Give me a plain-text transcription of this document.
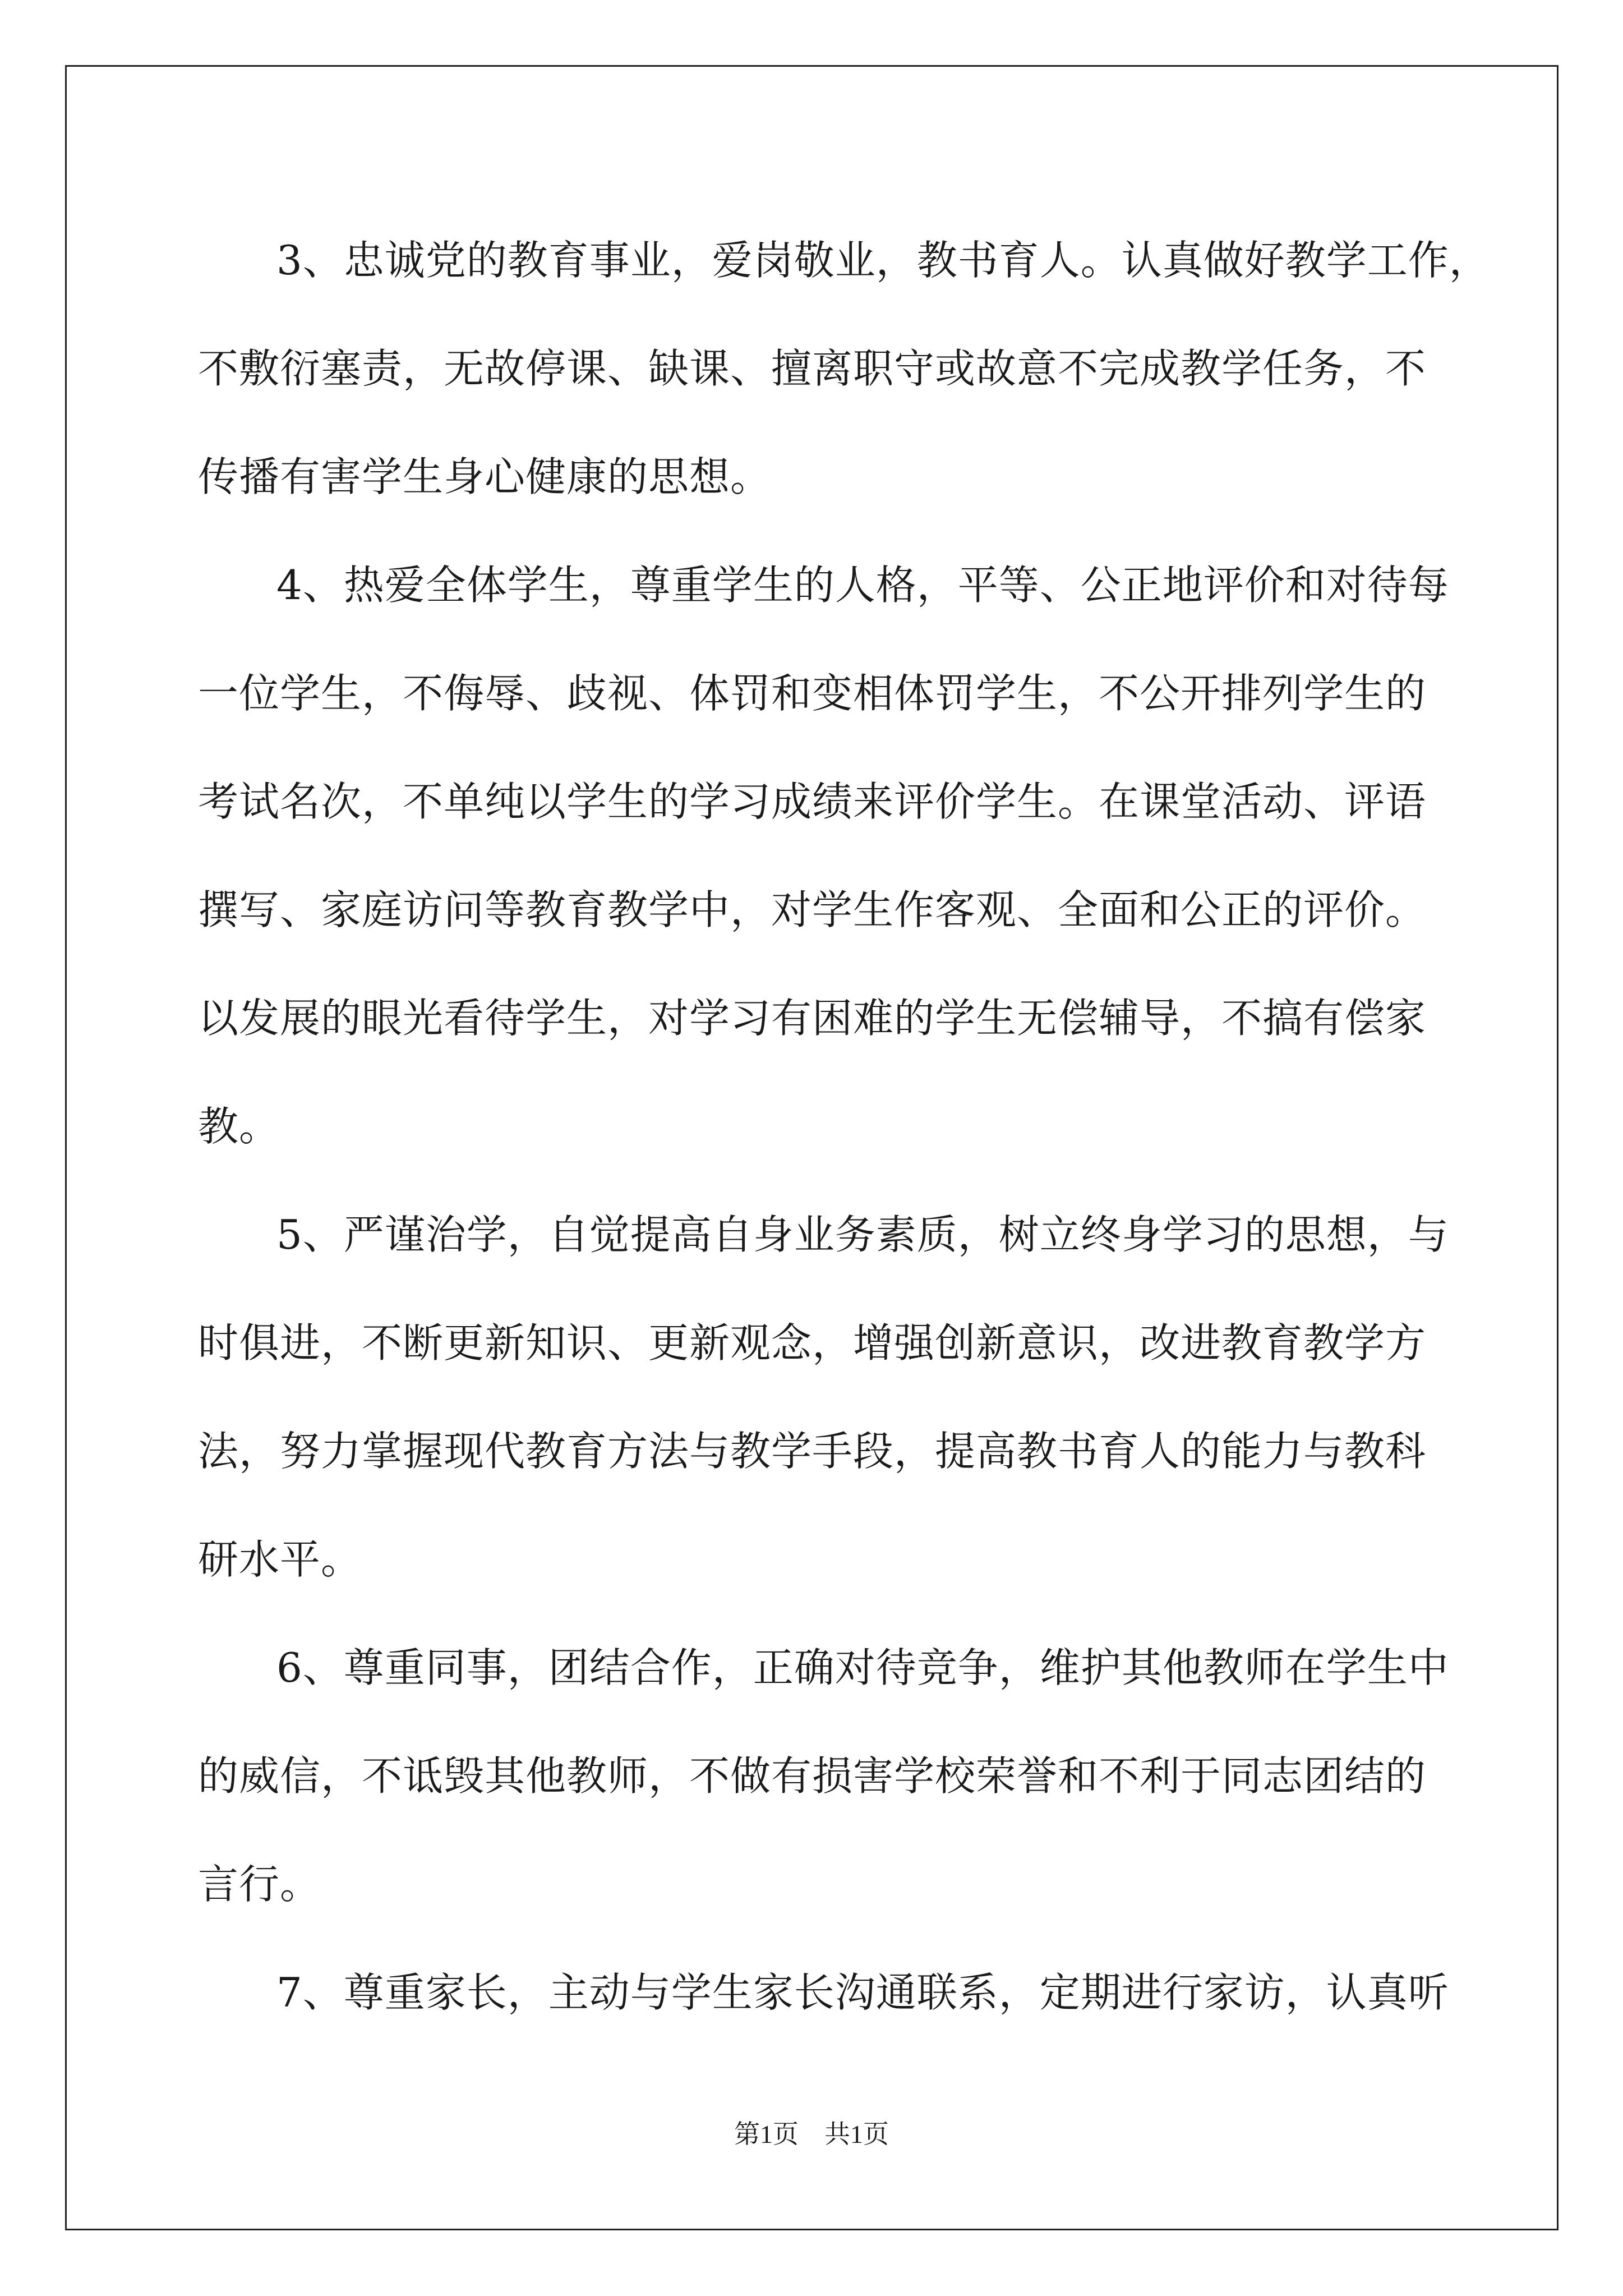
3、忠诚党的教育事业，爱岗敬业，教书育人。认真做好教学工作，
不敷衍塞责，无故停课、缺课、擅离职守或故意不完成教学任务，不
传播有害学生身心健康的思想。

4、热爱全体学生，尊重学生的人格，平等、公正地评价和对待每
一位学生，不侮辱、歧视、体罚和变相体罚学生，不公开排列学生的
考试名次，不单纯以学生的学习成绩来评价学生。在课堂活动、评语
撰写、家庭访问等教育教学中，对学生作客观、全面和公正的评价。
以发展的眼光看待学生，对学习有困难的学生无偿辅导，不搞有偿家
教。

5、严谨治学，自觉提高自身业务素质，树立终身学习的思想，与
时俱进，不断更新知识、更新观念，增强创新意识，改进教育教学方
法，努力掌握现代教育方法与教学手段，提高教书育人的能力与教科
研水平。

6、尊重同事，团结合作，正确对待竞争，维护其他教师在学生中
的威信，不诋毁其他教师，不做有损害学校荣誉和不利于同志团结的
言行。

7、尊重家长，主动与学生家长沟通联系，定期进行家访，认真听

第1页 共1页
